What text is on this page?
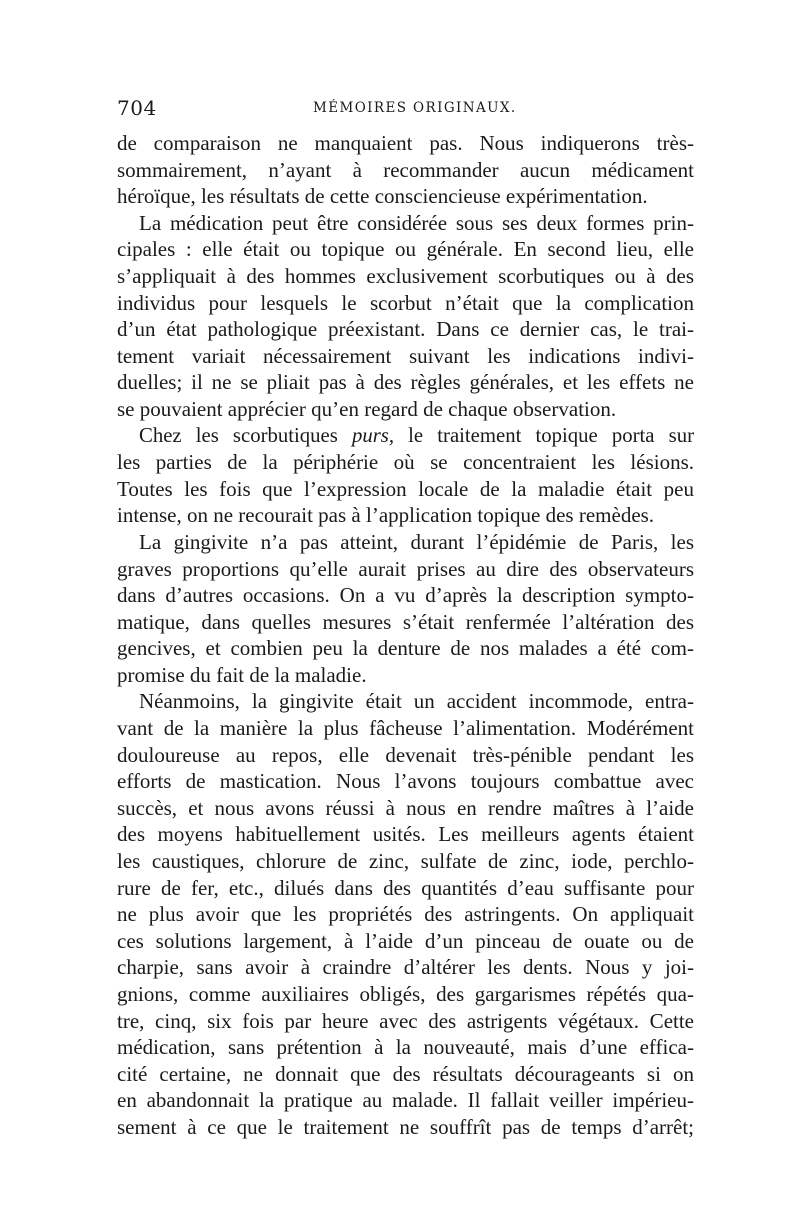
704	MÉMOIRES ORIGINAUX.
de comparaison ne manquaient pas. Nous indiquerons très-
sommairement, n’ayant à recommander aucun médicament
héroïque, les résultats de cette consciencieuse expérimentation.
La médication peut être considérée sous ses deux formes prin-
cipales : elle était ou topique ou générale. En second lieu, elle
s’appliquait à des hommes exclusivement scorbutiques ou à des
individus pour lesquels le scorbut n’était que la complication
d’un état pathologique préexistant. Dans ce dernier cas, le trai-
tement variait nécessairement suivant les indications indivi-
duelles; il ne se pliait pas à des règles générales, et les effets ne
se pouvaient apprécier qu’en regard de chaque observation.
Chez les scorbutiques purs, le traitement topique porta sur
les parties de la périphérie où se concentraient les lésions.
Toutes les fois que l’expression locale de la maladie était peu
intense, on ne recourait pas à l’application topique des remèdes.
La gingivite n’a pas atteint, durant l’épidémie de Paris, les
graves proportions qu’elle aurait prises au dire des observateurs
dans d’autres occasions. On a vu d’après la description sympto-
matique, dans quelles mesures s’était renfermée l’altération des
gencives, et combien peu la denture de nos malades a été com-
promise du fait de la maladie.
Néanmoins, la gingivite était un accident incommode, entra-
vant de la manière la plus fâcheuse l’alimentation. Modérément
douloureuse au repos, elle devenait très-pénible pendant les
efforts de mastication. Nous l’avons toujours combattue avec
succès, et nous avons réussi à nous en rendre maîtres à l’aide
des moyens habituellement usités. Les meilleurs agents étaient
les caustiques, chlorure de zinc, sulfate de zinc, iode, perchlo-
rure de fer, etc., dilués dans des quantités d’eau suffisante pour
ne plus avoir que les propriétés des astringents. On appliquait
ces solutions largement, à l’aide d’un pinceau de ouate ou de
charpie, sans avoir à craindre d’altérer les dents. Nous y joi-
gnions, comme auxiliaires obligés, des gargarismes répétés qua-
tre, cinq, six fois par heure avec des astrigents végétaux. Cette
médication, sans prétention à la nouveauté, mais d’une effica-
cité certaine, ne donnait que des résultats décourageants si on
en abandonnait la pratique au malade. Il fallait veiller impérieu-
sement à ce que le traitement ne souffrît pas de temps d’arrêt;
